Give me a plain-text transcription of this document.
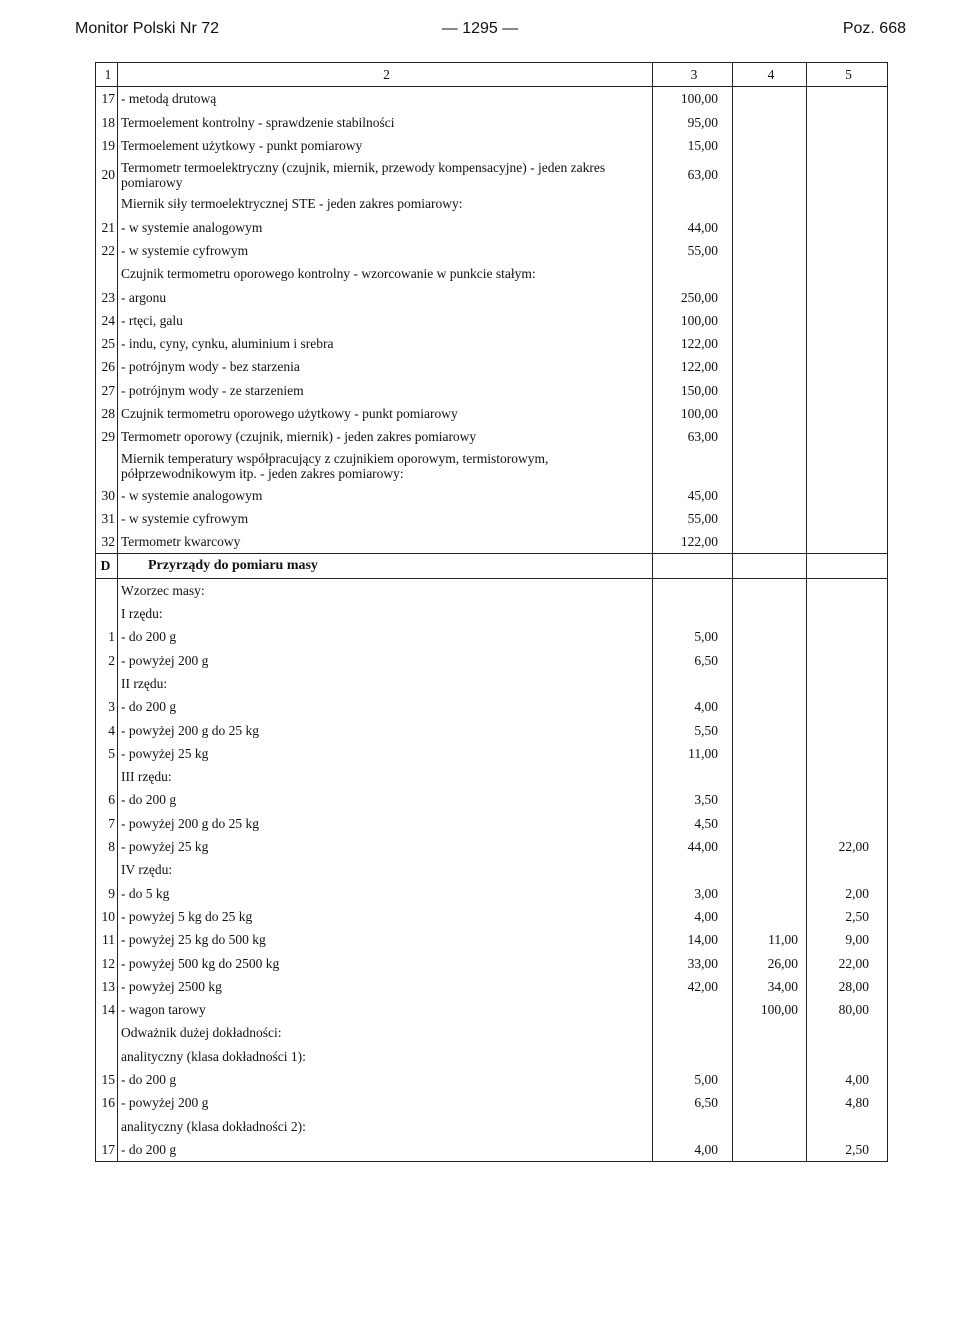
Monitor Polski Nr 72	— 1295 —	Poz. 668
1	2	3	4	5
17	- metodą drutową	100,00		
18	Termoelement kontrolny - sprawdzenie stabilności	95,00		
19	Termoelement użytkowy - punkt pomiarowy	15,00		
20	Termometr termoelektryczny (czujnik, miernik, przewody kompensacyjne) - jeden zakres pomiarowy	63,00		
	Miernik siły termoelektrycznej STE - jeden zakres pomiarowy:			
21	- w systemie analogowym	44,00		
22	- w systemie cyfrowym	55,00		
	Czujnik termometru oporowego kontrolny - wzorcowanie w punkcie stałym:			
23	- argonu	250,00		
24	- rtęci, galu	100,00		
25	- indu, cyny, cynku, aluminium i srebra	122,00		
26	- potrójnym wody - bez starzenia	122,00		
27	- potrójnym wody - ze starzeniem	150,00		
28	Czujnik termometru oporowego użytkowy - punkt pomiarowy	100,00		
29	Termometr oporowy (czujnik, miernik) - jeden zakres pomiarowy	63,00		
	Miernik temperatury współpracujący z czujnikiem oporowym, termistorowym, półprzewodnikowym itp. - jeden zakres pomiarowy:			
30	- w systemie analogowym	45,00		
31	- w systemie cyfrowym	55,00		
32	Termometr kwarcowy	122,00		
D	Przyrządy do pomiaru masy			
	Wzorzec masy:			
	I rzędu:			
1	- do 200 g	5,00		
2	- powyżej 200 g	6,50		
	II rzędu:			
3	- do 200 g	4,00		
4	- powyżej 200 g do 25 kg	5,50		
5	- powyżej 25 kg	11,00		
	III rzędu:			
6	- do 200 g	3,50		
7	- powyżej 200 g do 25 kg	4,50		
8	- powyżej 25 kg	44,00		22,00
	IV rzędu:			
9	- do 5 kg	3,00		2,00
10	- powyżej 5 kg do 25 kg	4,00		2,50
11	- powyżej 25 kg do 500 kg	14,00	11,00	9,00
12	- powyżej 500 kg do 2500 kg	33,00	26,00	22,00
13	- powyżej 2500 kg	42,00	34,00	28,00
14	- wagon tarowy		100,00	80,00
	Odważnik dużej dokładności:			
	analityczny (klasa dokładności 1):			
15	- do 200 g	5,00		4,00
16	- powyżej 200 g	6,50		4,80
	analityczny (klasa dokładności 2):			
17	- do 200 g	4,00		2,50
